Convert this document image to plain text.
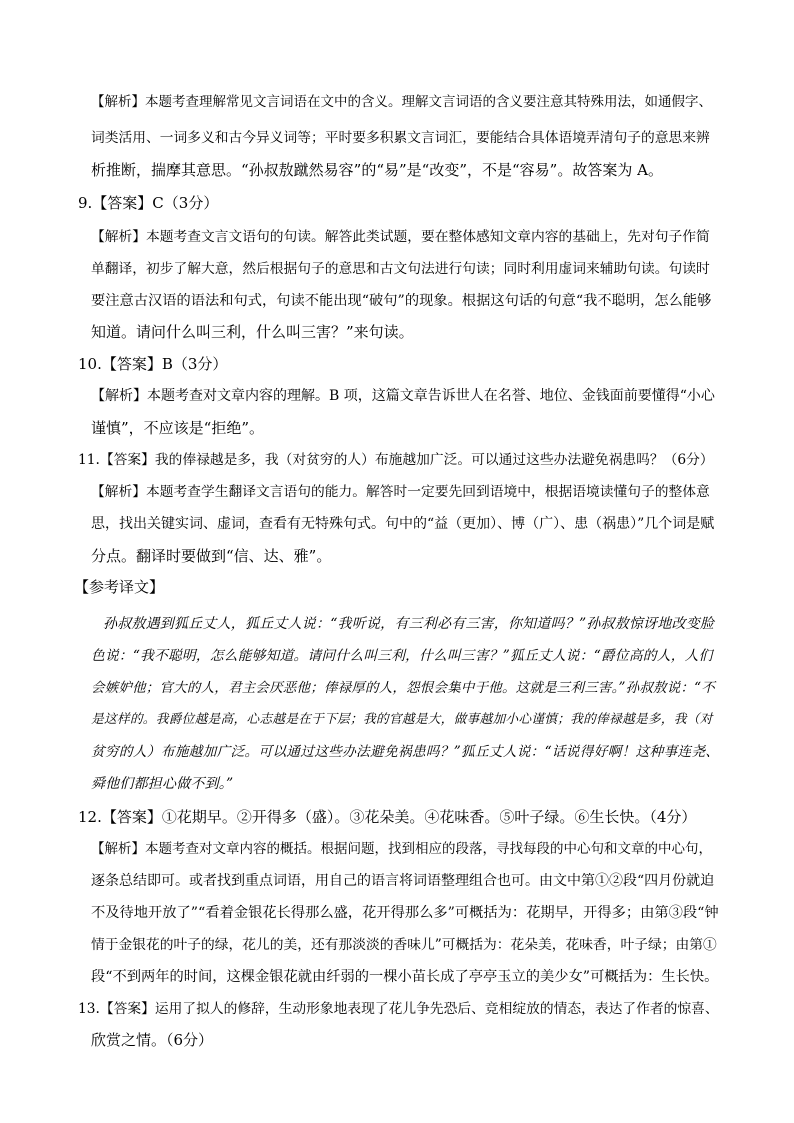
【解析】本题考查理解常见文言词语在文中的含义。理解文言词语的含义要注意其特殊用法，如通假字、
词类活用、一词多义和古今异义词等；平时要多积累文言词汇，要能结合具体语境弄清句子的意思来辨
析推断，揣摩其意思。“孙叔敖蹴然易容”的“易”是“改变”，不是“容易”。故答案为 A。
9.【答案】C（3分）
【解析】本题考查文言文语句的句读。解答此类试题，要在整体感知文章内容的基础上，先对句子作简
单翻译，初步了解大意，然后根据句子的意思和古文句法进行句读；同时利用虚词来辅助句读。句读时
要注意古汉语的语法和句式，句读不能出现“破句”的现象。根据这句话的句意“我不聪明，怎么能够
知道。请问什么叫三利，什么叫三害？”来句读。
10.【答案】B（3分）
【解析】本题考查对文章内容的理解。B 项，这篇文章告诉世人在名誉、地位、金钱面前要懂得“小心
谨慎”，不应该是“拒绝”。
11.【答案】我的俸禄越是多，我（对贫穷的人）布施越加广泛。可以通过这些办法避免祸患吗？（6分）
【解析】本题考查学生翻译文言语句的能力。解答时一定要先回到语境中，根据语境读懂句子的整体意
思，找出关键实词、虚词，查看有无特殊句式。句中的“益（更加）、博（广）、患（祸患）”几个词是赋
分点。翻译时要做到“信、达、雅”。
【参考译文】
孙叔敖遇到狐丘丈人，狐丘丈人说：“我听说，有三利必有三害，你知道吗？”孙叔敖惊讶地改变脸
色说：“我不聪明，怎么能够知道。请问什么叫三利，什么叫三害？”狐丘丈人说：“爵位高的人，人们
会嫉妒他；官大的人，君主会厌恶他；俸禄厚的人，怨恨会集中于他。这就是三利三害。”孙叔敖说：“不
是这样的。我爵位越是高，心志越是在于下层；我的官越是大，做事越加小心谨慎；我的俸禄越是多，我（对
贫穷的人）布施越加广泛。可以通过这些办法避免祸患吗？”狐丘丈人说：“话说得好啊！这种事连尧、
舜他们都担心做不到。”
12.【答案】①花期早。②开得多（盛）。③花朵美。④花味香。⑤叶子绿。⑥生长快。（4分）
【解析】本题考查对文章内容的概括。根据问题，找到相应的段落，寻找每段的中心句和文章的中心句，
逐条总结即可。或者找到重点词语，用自己的语言将词语整理组合也可。由文中第①②段“四月份就迫
不及待地开放了”“看着金银花长得那么盛，花开得那么多”可概括为：花期早，开得多；由第③段“钟
情于金银花的叶子的绿，花儿的美，还有那淡淡的香味儿”可概括为：花朵美，花味香，叶子绿；由第①
段“不到两年的时间，这棵金银花就由纤弱的一棵小苗长成了亭亭玉立的美少女”可概括为：生长快。
13.【答案】运用了拟人的修辞，生动形象地表现了花儿争先恐后、竞相绽放的情态，表达了作者的惊喜、
欣赏之情。（6分）
